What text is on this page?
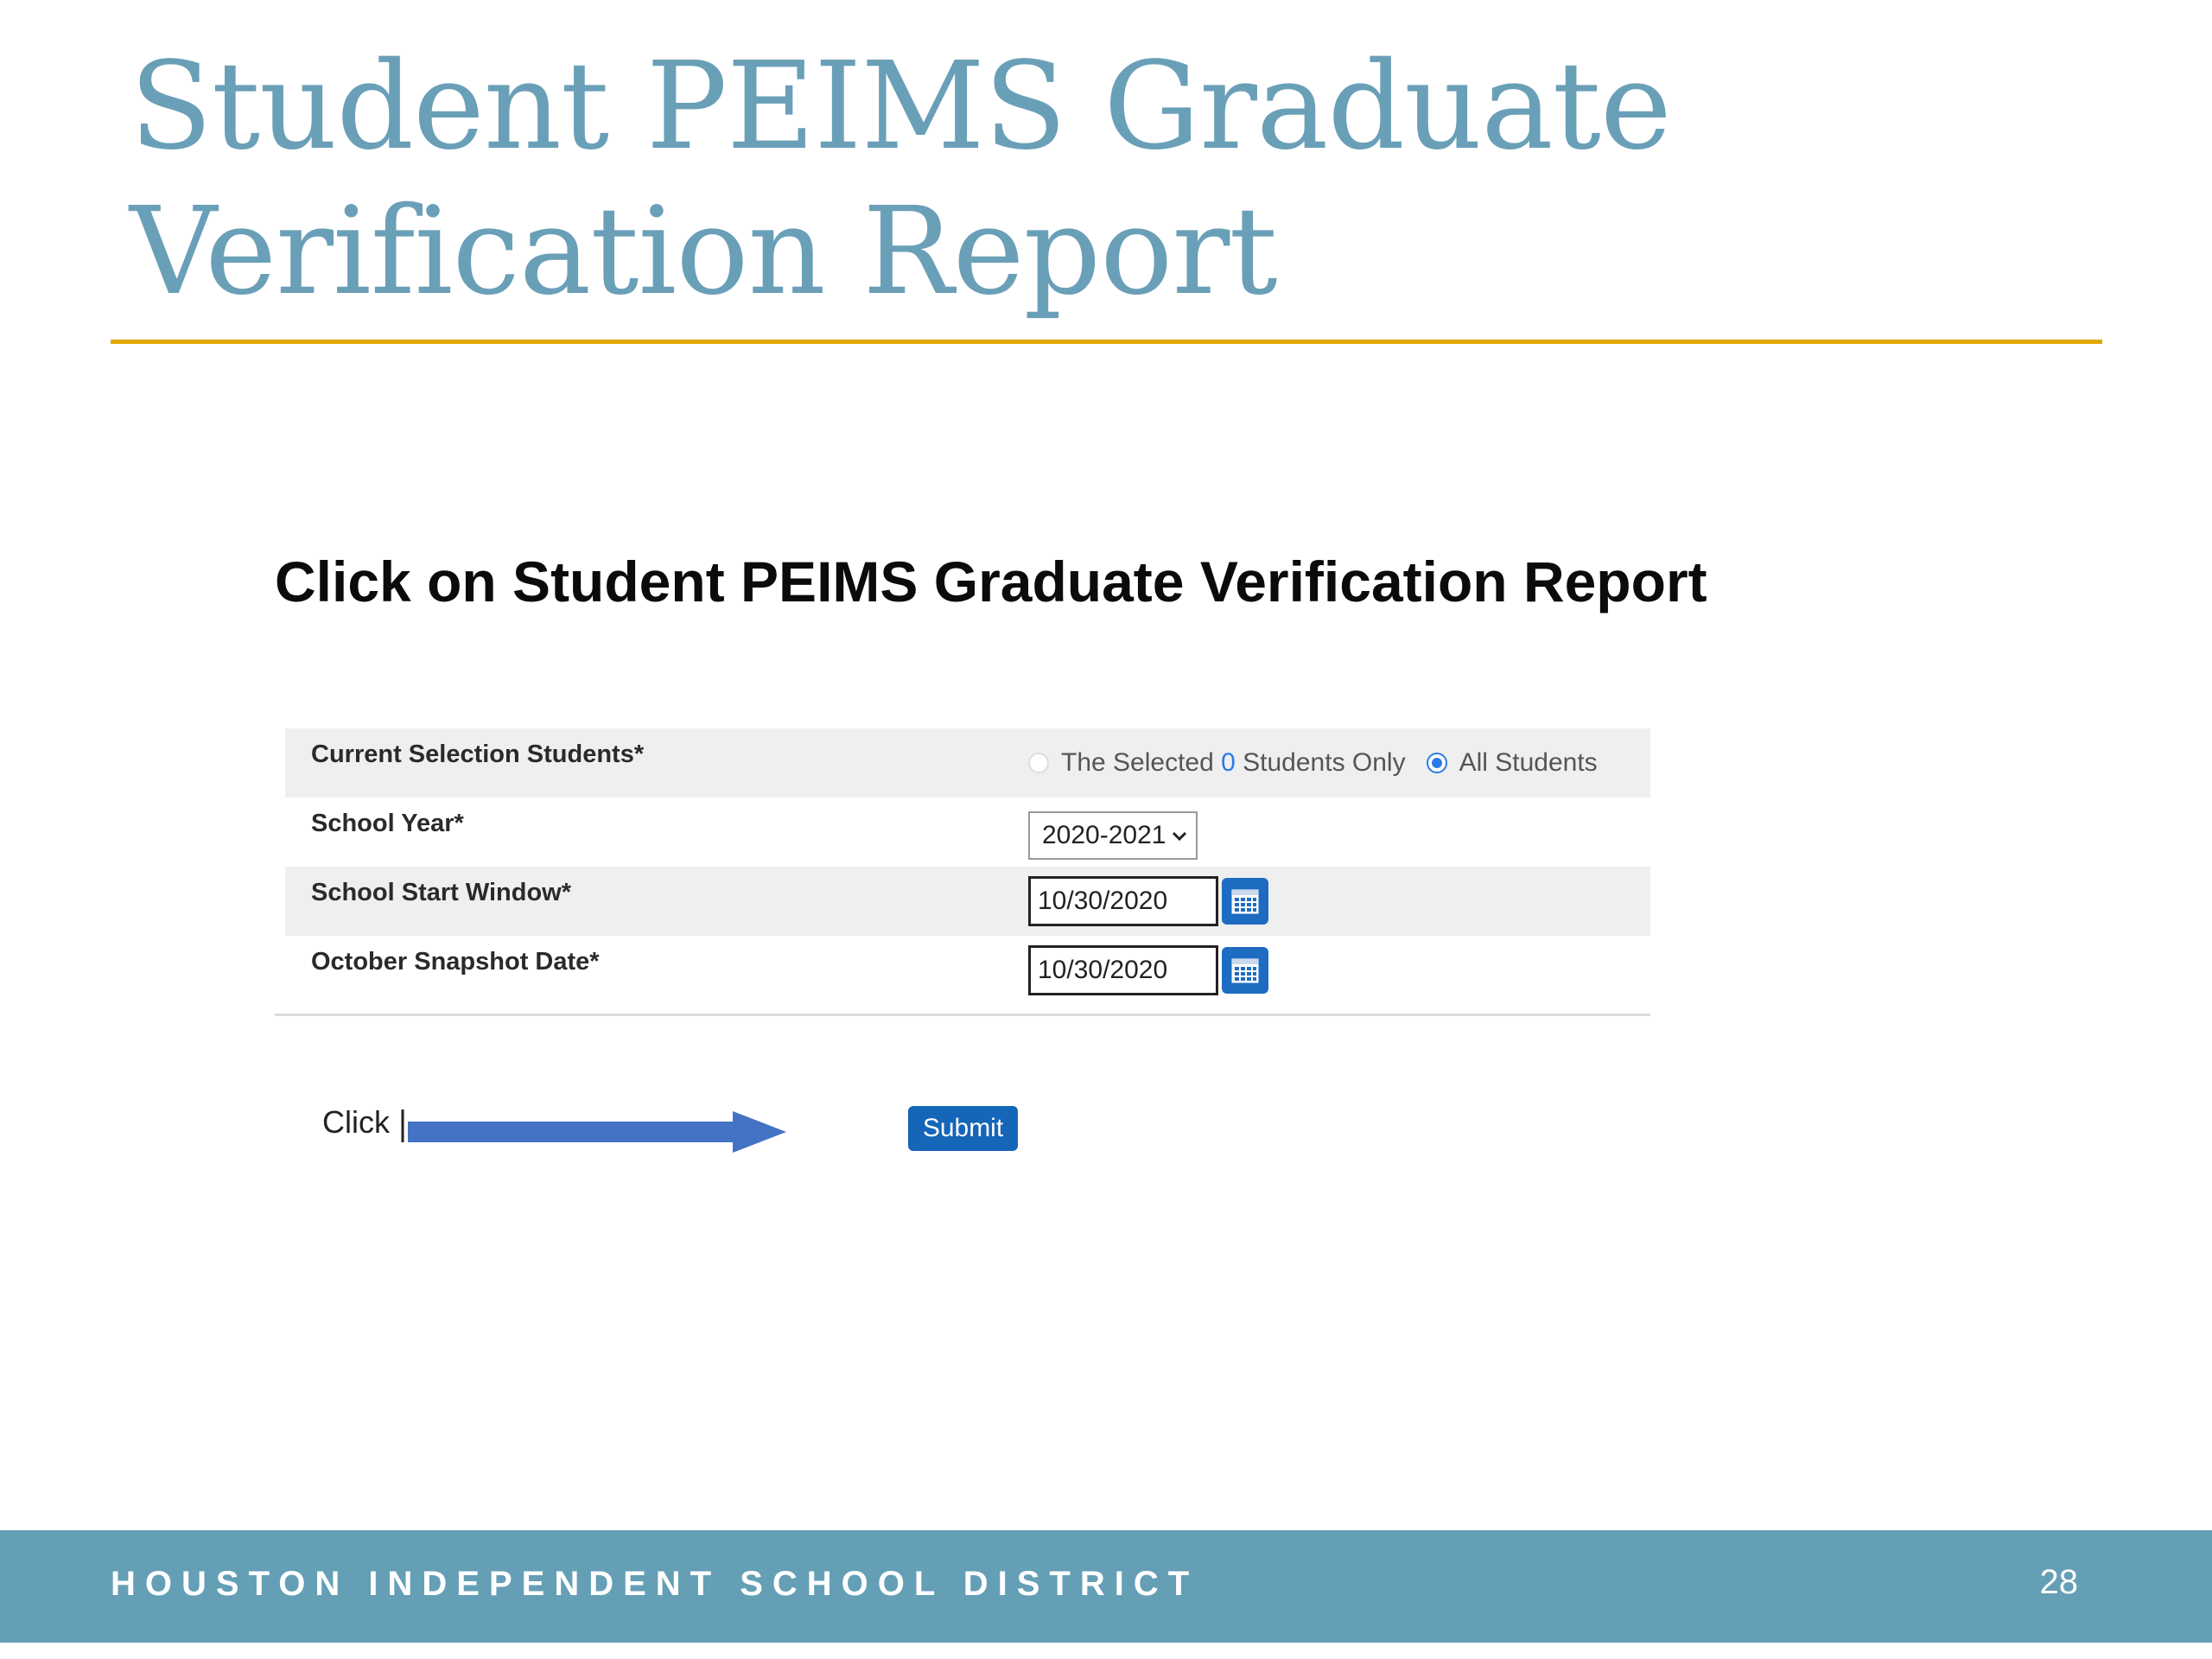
Student PEIMS Graduate
Verification Report
Click on Student PEIMS Graduate Verification Report
Current Selection Students*	The Selected 0 Students Only All Students
School Year*	2020-2021
School Start Window*	10/30/2020
October Snapshot Date*	10/30/2020
Click	Submit
HOUSTON INDEPENDENT SCHOOL DISTRICT	28
